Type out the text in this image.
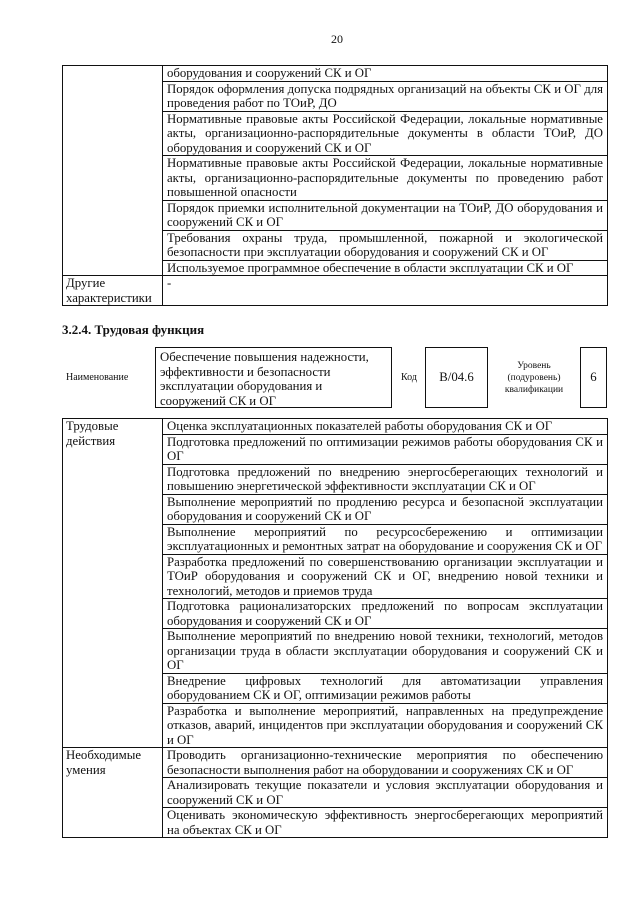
20
	оборудования и сооружений СК и ОГ
	Порядок оформления допуска подрядных организаций на объекты СК и ОГ для проведения работ по ТОиР, ДО
	Нормативные правовые акты Российской Федерации, локальные нормативные акты, организационно-распорядительные документы в области ТОиР, ДО оборудования и сооружений СК и ОГ
	Нормативные правовые акты Российской Федерации, локальные нормативные акты, организационно-распорядительные документы по проведению работ повышенной опасности
	Порядок приемки исполнительной документации на ТОиР, ДО оборудования и сооружений СК и ОГ
	Требования охраны труда, промышленной, пожарной и экологической безопасности при эксплуатации оборудования и сооружений СК и ОГ
	Используемое программное обеспечение в области эксплуатации СК и ОГ
Другие характеристики	-
3.2.4. Трудовая функция
Наименование
Обеспечение повышения надежности, эффективности и безопасности эксплуатации оборудования и сооружений СК и ОГ
Код B/04.6
Уровень (подуровень) квалификации
6
Трудовые действия	Оценка эксплуатационных показателей работы оборудования СК и ОГ
	Подготовка предложений по оптимизации режимов работы оборудования СК и ОГ
	Подготовка предложений по внедрению энергосберегающих технологий и повышению энергетической эффективности эксплуатации СК и ОГ
	Выполнение мероприятий по продлению ресурса и безопасной эксплуатации оборудования и сооружений СК и ОГ
	Выполнение мероприятий по ресурсосбережению и оптимизации эксплуатационных и ремонтных затрат на оборудование и сооружения СК и ОГ
	Разработка предложений по совершенствованию организации эксплуатации и ТОиР оборудования и сооружений СК и ОГ, внедрению новой техники и технологий, методов и приемов труда
	Подготовка рационализаторских предложений по вопросам эксплуатации оборудования и сооружений СК и ОГ
	Выполнение мероприятий по внедрению новой техники, технологий, методов организации труда в области эксплуатации оборудования и сооружений СК и ОГ
	Внедрение цифровых технологий для автоматизации управления оборудованием СК и ОГ, оптимизации режимов работы
	Разработка и выполнение мероприятий, направленных на предупреждение отказов, аварий, инцидентов при эксплуатации оборудования и сооружений СК и ОГ
Необходимые умения	Проводить организационно-технические мероприятия по обеспечению безопасности выполнения работ на оборудовании и сооружениях СК и ОГ
	Анализировать текущие показатели и условия эксплуатации оборудования и сооружений СК и ОГ
	Оценивать экономическую эффективность энергосберегающих мероприятий на объектах СК и ОГ
